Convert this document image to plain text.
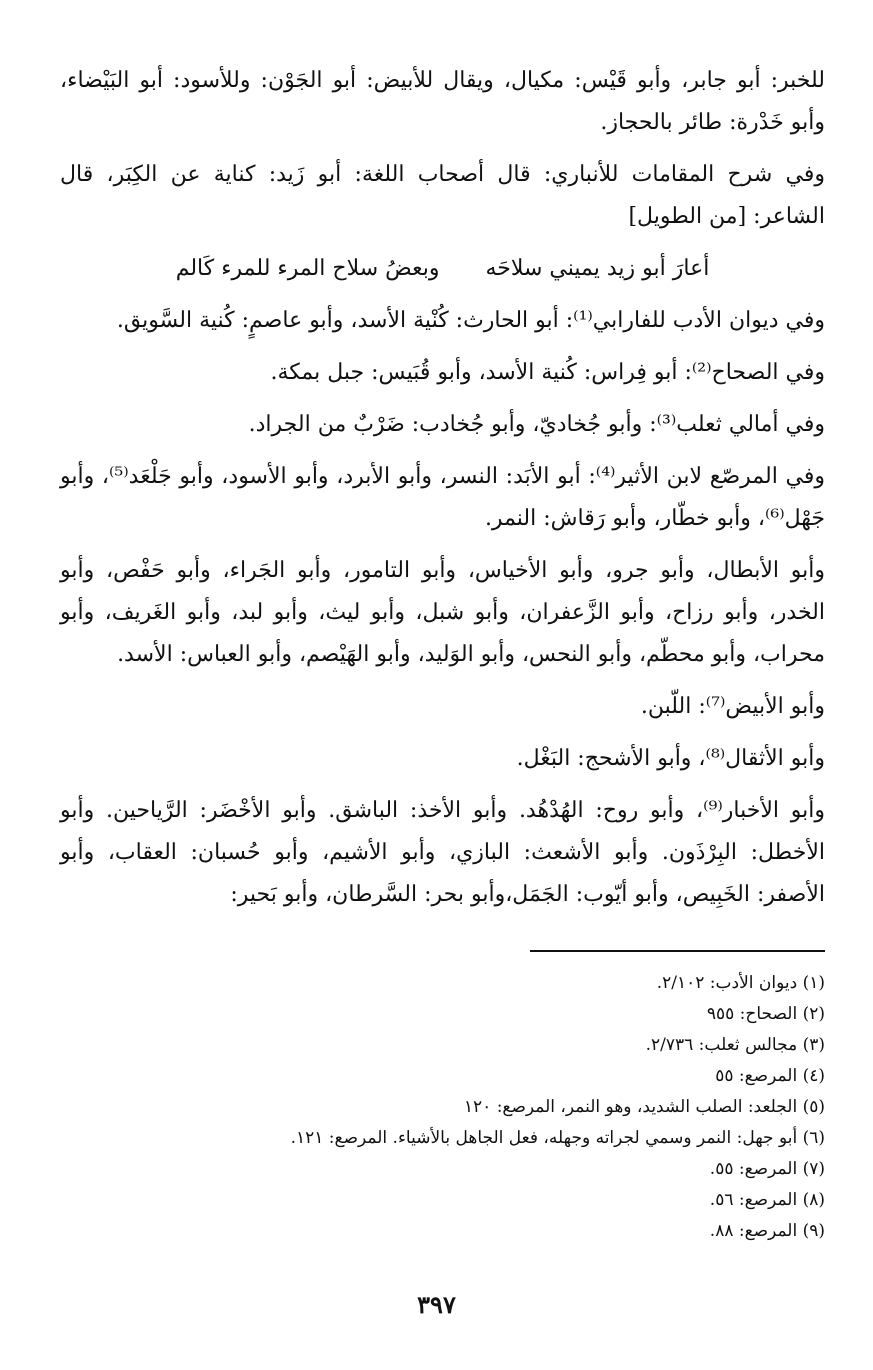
للخبر: أبو جابر، وأبو قَيْس: مكيال، ويقال للأبيض: أبو الجَوْن: وللأسود: أبو البَيْضاء، وأبو خَدْرة: طائر بالحجاز.

وفي شرح المقامات للأنباري: قال أصحاب اللغة: أبو زَيد: كناية عن الكِبَر، قال الشاعر: [من الطويل]

أعارَ أبو زيد يميني سلاحَه
وبعضُ سلاح المرء للمرء كَالم

وفي ديوان الأدب للفارابي⁽¹⁾: أبو الحارث: كُنْية الأسد، وأبو عاصمٍ: كُنية السَّويق.

وفي الصحاح⁽²⁾: أبو فِراس: كُنية الأسد، وأبو قُبَيس: جبل بمكة.

وفي أمالي ثعلب⁽³⁾: وأبو جُخاديّ، وأبو جُخادب: ضَرْبٌ من الجراد.

وفي المرصّع لابن الأثير⁽⁴⁾: أبو الأبَد: النسر، وأبو الأبرد، وأبو الأسود، وأبو جَلْعَد⁽⁵⁾، وأبو جَهْل⁽⁶⁾، وأبو خطّار، وأبو رَقاش: النمر.

وأبو الأبطال، وأبو جرو، وأبو الأخياس، وأبو التامور، وأبو الجَراء، وأبو حَفْص، وأبو الخدر، وأبو رزاح، وأبو الزَّعفران، وأبو شبل، وأبو ليث، وأبو لبد، وأبو الغَريف، وأبو محراب، وأبو محطّم، وأبو النحس، وأبو الوَليد، وأبو الهَيْصم، وأبو العباس: الأسد.

وأبو الأبيض⁽⁷⁾: اللّبن.

وأبو الأثقال⁽⁸⁾، وأبو الأشحج: البَغْل.

وأبو الأخبار⁽⁹⁾، وأبو روح: الهُدْهُد. وأبو الأخذ: الباشق. وأبو الأخْضَر: الرَّياحين. وأبو الأخطل: البِرْذَون. وأبو الأشعث: البازي، وأبو الأشيم، وأبو حُسبان: العقاب، وأبو الأصفر: الخَبِيص، وأبو أيّوب: الجَمَل،وأبو بحر: السَّرطان، وأبو بَحير:

(١) ديوان الأدب: ٢/١٠٢.
(٢) الصحاح: ٩٥٥
(٣) مجالس ثعلب: ٢/٧٣٦.
(٤) المرصع: ٥٥
(٥) الجلعد: الصلب الشديد، وهو النمر، المرصع: ١٢٠
(٦) أبو جهل: النمر وسمي لجراته وجهله، فعل الجاهل بالأشياء. المرصع: ١٢١.
(٧) المرصع: ٥٥.
(٨) المرصع: ٥٦.
(٩) المرصع: ٨٨.
٣٩٧
